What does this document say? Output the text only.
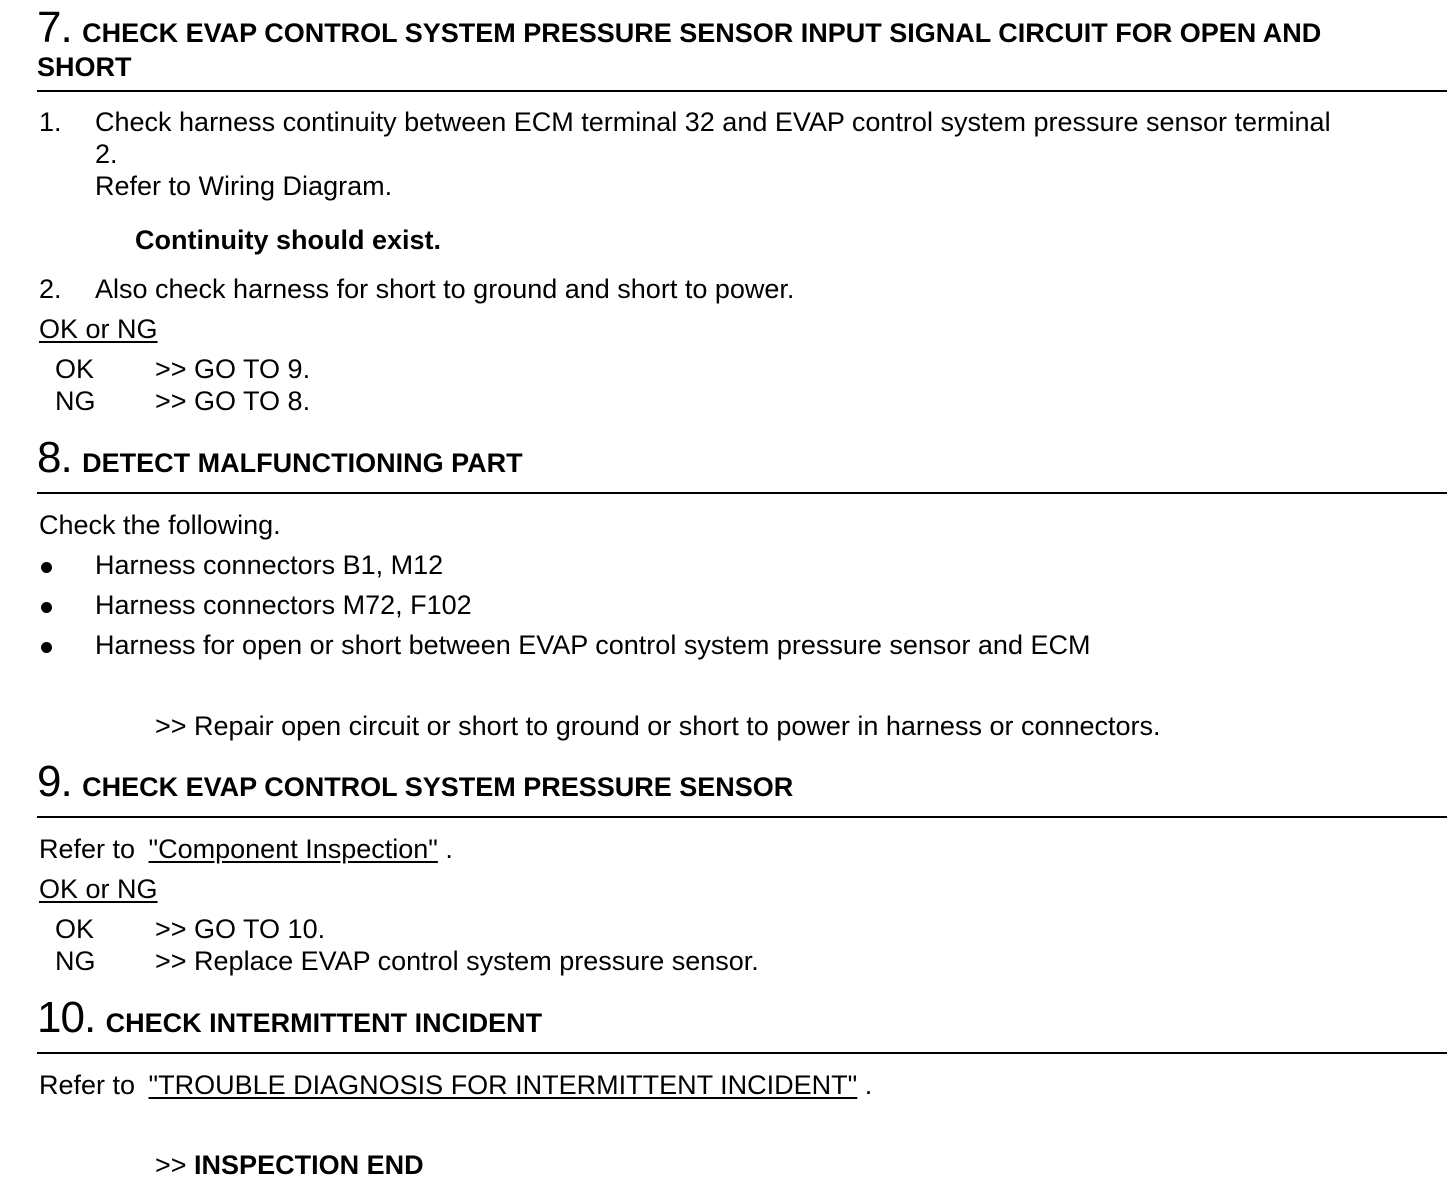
7. CHECK EVAP CONTROL SYSTEM PRESSURE SENSOR INPUT SIGNAL CIRCUIT FOR OPEN AND
SHORT
1. Check harness continuity between ECM terminal 32 and EVAP control system pressure sensor terminal
2.
Refer to Wiring Diagram.
Continuity should exist.
2. Also check harness for short to ground and short to power.
OK or NG
OK >> GO TO 9.
NG >> GO TO 8.
8. DETECT MALFUNCTIONING PART
Check the following.
Harness connectors B1, M12
Harness connectors M72, F102
Harness for open or short between EVAP control system pressure sensor and ECM
>> Repair open circuit or short to ground or short to power in harness or connectors.
9. CHECK EVAP CONTROL SYSTEM PRESSURE SENSOR
Refer to "Component Inspection" .
OK or NG
OK >> GO TO 10.
NG >> Replace EVAP control system pressure sensor.
10. CHECK INTERMITTENT INCIDENT
Refer to "TROUBLE DIAGNOSIS FOR INTERMITTENT INCIDENT" .
>> INSPECTION END
